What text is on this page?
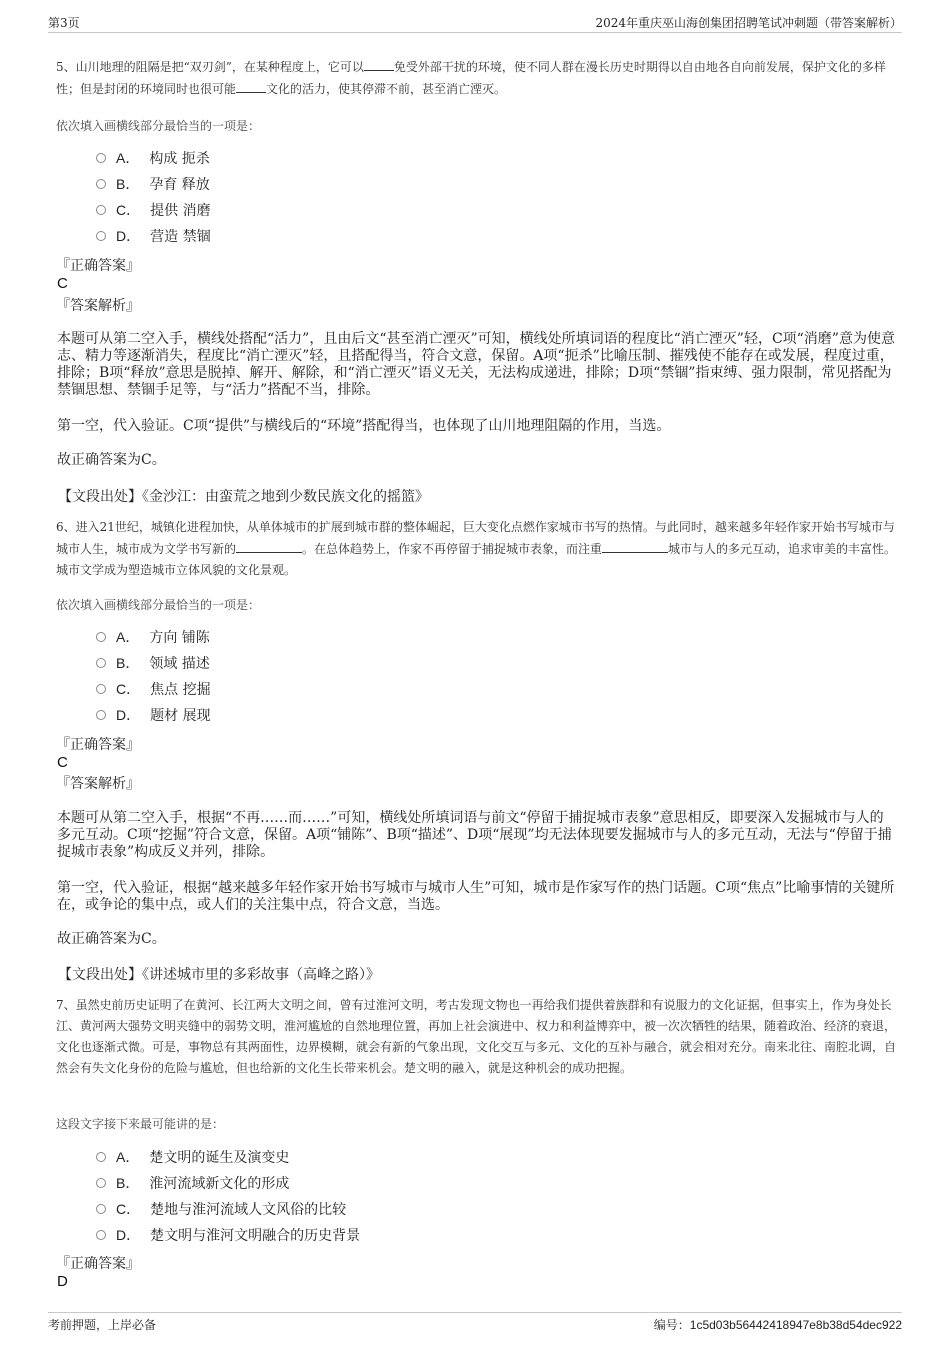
第3页	2024年重庆巫山海创集团招聘笔试冲刺题（带答案解析）

5、山川地理的阻隔是把“双刃剑”，在某种程度上，它可以	免受外部干扰的环境，使不同人群在漫长历史时期得以自由地各自向前发展，保护文化的多样性；但是封闭的环境同时也很可能	文化的活力，使其停滞不前，甚至消亡湮灭。

依次填入画横线部分最恰当的一项是：

A． 构成 扼杀
B． 孕育 释放
C． 提供 消磨
D． 营造 禁锢

『正确答案』

C

『答案解析』

本题可从第二空入手，横线处搭配“活力”，且由后文“甚至消亡湮灭”可知，横线处所填词语的程度比“消亡湮灭”轻，C项“消磨”意为使意志、精力等逐渐消失，程度比“消亡湮灭”轻，且搭配得当，符合文意，保留。A项“扼杀”比喻压制、摧残使不能存在或发展，程度过重，排除；B项“释放”意思是脱掉、解开、解除，和“消亡湮灭”语义无关，无法构成递进，排除；D项“禁锢”指束缚、强力限制，常见搭配为禁锢思想、禁锢手足等，与“活力”搭配不当，排除。

第一空，代入验证。C项“提供”与横线后的“环境”搭配得当，也体现了山川地理阻隔的作用，当选。

故正确答案为C。

【文段出处】《金沙江：由蛮荒之地到少数民族文化的摇篮》

6、进入21世纪，城镇化进程加快，从单体城市的扩展到城市群的整体崛起，巨大变化点燃作家城市书写的热情。与此同时，越来越多年轻作家开始书写城市与城市人生，城市成为文学书写新的	。在总体趋势上，作家不再停留于捕捉城市表象，而注重	城市与人的多元互动，追求审美的丰富性。城市文学成为塑造城市立体风貌的文化景观。

依次填入画横线部分最恰当的一项是：

A． 方向 铺陈
B． 领域 描述
C． 焦点 挖掘
D． 题材 展现

『正确答案』

C

『答案解析』

本题可从第二空入手，根据“不再……而……”可知，横线处所填词语与前文“停留于捕捉城市表象”意思相反，即要深入发掘城市与人的多元互动。C项“挖掘”符合文意，保留。A项“铺陈”、B项“描述”、D项“展现”均无法体现要发掘城市与人的多元互动，无法与“停留于捕捉城市表象”构成反义并列，排除。

第一空，代入验证，根据“越来越多年轻作家开始书写城市与城市人生”可知，城市是作家写作的热门话题。C项“焦点”比喻事情的关键所在，或争论的集中点，或人们的关注集中点，符合文意，当选。

故正确答案为C。

【文段出处】《讲述城市里的多彩故事（高峰之路）》

7、虽然史前历史证明了在黄河、长江两大文明之间，曾有过淮河文明，考古发现文物也一再给我们提供着族群和有说服力的文化证据，但事实上，作为身处长江、黄河两大强势文明夹缝中的弱势文明，淮河尴尬的自然地理位置，再加上社会演进中、权力和利益博弈中，被一次次牺牲的结果，随着政治、经济的衰退，文化也逐渐式微。可是，事物总有其两面性，边界模糊，就会有新的气象出现，文化交互与多元、文化的互补与融合，就会相对充分。南来北往、南腔北调，自然会有失文化身份的危险与尴尬，但也给新的文化生长带来机会。楚文明的融入，就是这种机会的成功把握。

这段文字接下来最可能讲的是：

A． 楚文明的诞生及演变史
B． 淮河流域新文化的形成
C． 楚地与淮河流域人文风俗的比较
D． 楚文明与淮河文明融合的历史背景

『正确答案』

D

考前押题，上岸必备	编号：1c5d03b56442418947e8b38d54dec922
